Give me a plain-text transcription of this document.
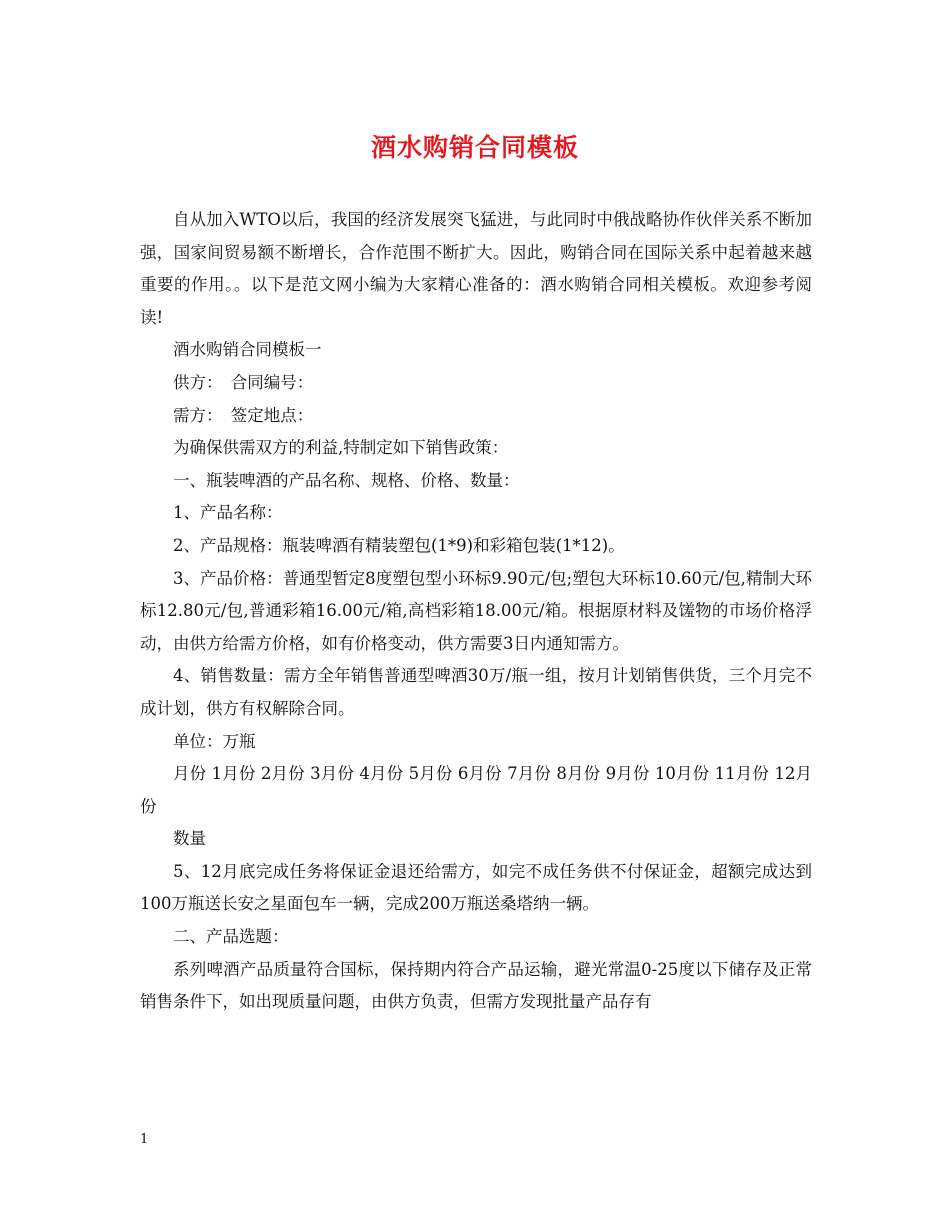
酒水购销合同模板

自从加入WTO以后，我国的经济发展突飞猛进，与此同时中俄战略协作伙伴关系不断加强，国家间贸易额不断增长，合作范围不断扩大。因此，购销合同在国际关系中起着越来越重要的作用。。以下是范文网小编为大家精心准备的：酒水购销合同相关模板。欢迎参考阅读!

酒水购销合同模板一

供方：　合同编号：

需方：　签定地点：

为确保供需双方的利益,特制定如下销售政策：

一、瓶装啤酒的产品名称、规格、价格、数量：

1、产品名称：

2、产品规格：瓶装啤酒有精装塑包(1*9)和彩箱包装(1*12)。

3、产品价格：普通型暂定8度塑包型小环标9.90元/包;塑包大环标10.60元/包,精制大环标12.80元/包,普通彩箱16.00元/箱,高档彩箱18.00元/箱。根据原材料及馐物的市场价格浮动，由供方给需方价格，如有价格变动，供方需要3日内通知需方。

4、销售数量：需方全年销售普通型啤酒30万/瓶一组，按月计划销售供货，三个月完不成计划，供方有权解除合同。

单位：万瓶

月份 1月份 2月份 3月份 4月份 5月份 6月份 7月份 8月份 9月份 10月份 11月份 12月份

数量

5、12月底完成任务将保证金退还给需方，如完不成任务供不付保证金，超额完成达到100万瓶送长安之星面包车一辆，完成200万瓶送桑塔纳一辆。

二、产品选题：

系列啤酒产品质量符合国标，保持期内符合产品运输，避光常温0-25度以下储存及正常销售条件下，如出现质量问题，由供方负责，但需方发现批量产品存有

1
